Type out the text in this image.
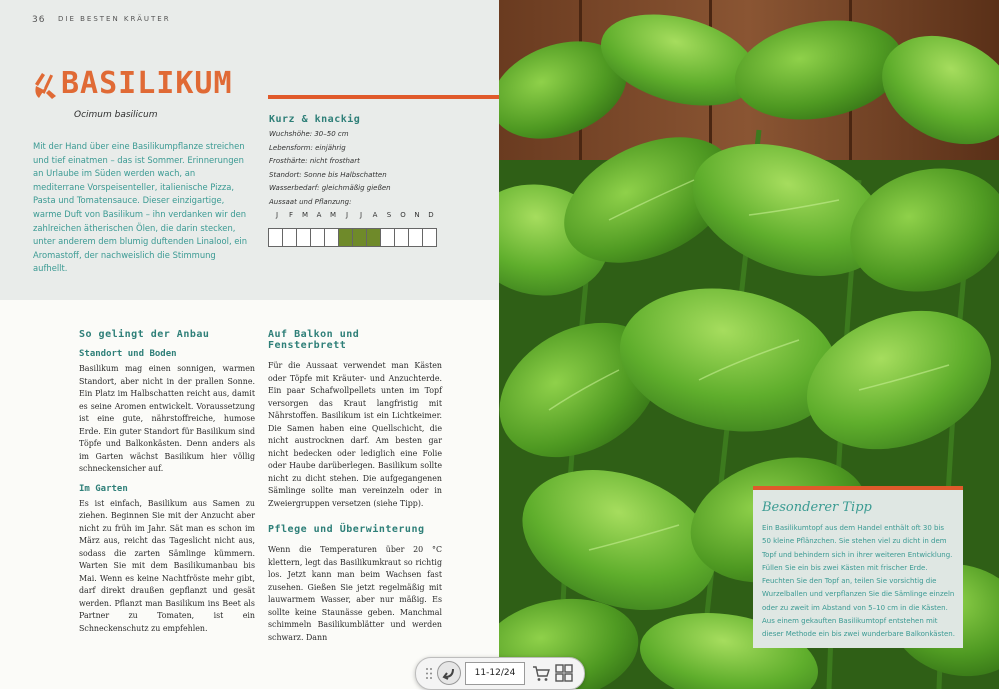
36 DIE BESTEN KRÄUTER
BASILIKUM
Ocimum basilicum
Mit der Hand über eine Basilikumpflanze streichen und tief einatmen – das ist Sommer. Erinnerungen an Urlaube im Süden werden wach, an mediterrane Vorspeisenteller, italienische Pizza, Pasta und Tomatensauce. Dieser einzigartige, warme Duft von Basilikum – ihn verdanken wir den zahlreichen ätherischen Ölen, die darin stecken, unter anderem dem blumig duftenden Linalool, ein Aromastoff, der nachweislich die Stimmung aufhellt.
Kurz & knackig
Wuchshöhe: 30–50 cm
Lebensform: einjährig
Frosthärte: nicht frosthart
Standort: Sonne bis Halbschatten
Wasserbedarf: gleichmäßig gießen
Aussaat und Pflanzung:
J	F	M	A	M	J	J	A	S	O	N	D
So gelingt der Anbau
Standort und Boden
Basilikum mag einen sonnigen, warmen Standort, aber nicht in der prallen Sonne. Ein Platz im Halbschatten reicht aus, damit es seine Aromen entwickelt. Voraussetzung ist eine gute, nährstoffreiche, humose Erde. Ein guter Standort für Basilikum sind Töpfe und Balkonkästen. Denn anders als im Garten wächst Basilikum hier völlig schneckensicher auf.
Im Garten
Es ist einfach, Basilikum aus Samen zu ziehen. Beginnen Sie mit der Anzucht aber nicht zu früh im Jahr. Sät man es schon im März aus, reicht das Tageslicht nicht aus, sodass die zarten Sämlinge kümmern. Warten Sie mit dem Basilikumanbau bis Mai. Wenn es keine Nachtfröste mehr gibt, darf direkt draußen gepflanzt und gesät werden. Pflanzt man Basilikum ins Beet als Partner zu Tomaten, ist ein Schneckenschutz zu empfehlen.
Auf Balkon und Fensterbrett
Für die Aussaat verwendet man Kästen oder Töpfe mit Kräuter- und Anzuchterde. Ein paar Schafwollpellets unten im Topf versorgen das Kraut langfristig mit Nährstoffen. Basilikum ist ein Lichtkeimer. Die Samen haben eine Quellschicht, die nicht austrocknen darf. Am besten gar nicht bedecken oder lediglich eine Folie oder Haube darüberlegen. Basilikum sollte nicht zu dicht stehen. Die aufgegangenen Sämlinge sollte man vereinzeln oder in Zweiergruppen versetzen (siehe Tipp).
Pflege und Überwinterung
Wenn die Temperaturen über 20 °C klettern, legt das Basilikumkraut so richtig los. Jetzt kann man beim Wachsen fast zusehen. Gießen Sie jetzt regelmäßig mit lauwarmem Wasser, aber nur mäßig. Es sollte keine Staunässe geben. Manchmal schimmeln Basilikumblätter und werden schwarz. Dann
Besonderer Tipp
Ein Basilikumtopf aus dem Handel enthält oft 30 bis 50 kleine Pflänzchen. Sie stehen viel zu dicht in dem Topf und behindern sich in ihrer weiteren Entwicklung. Füllen Sie ein bis zwei Kästen mit frischer Erde. Feuchten Sie den Topf an, teilen Sie vorsichtig die Wurzelballen und verpflanzen Sie die Sämlinge einzeln oder zu zweit im Abstand von 5–10 cm in die Kästen. Aus einem gekauften Basilikumtopf entstehen mit dieser Methode ein bis zwei wunderbare Balkonkästen.
11-12/24
